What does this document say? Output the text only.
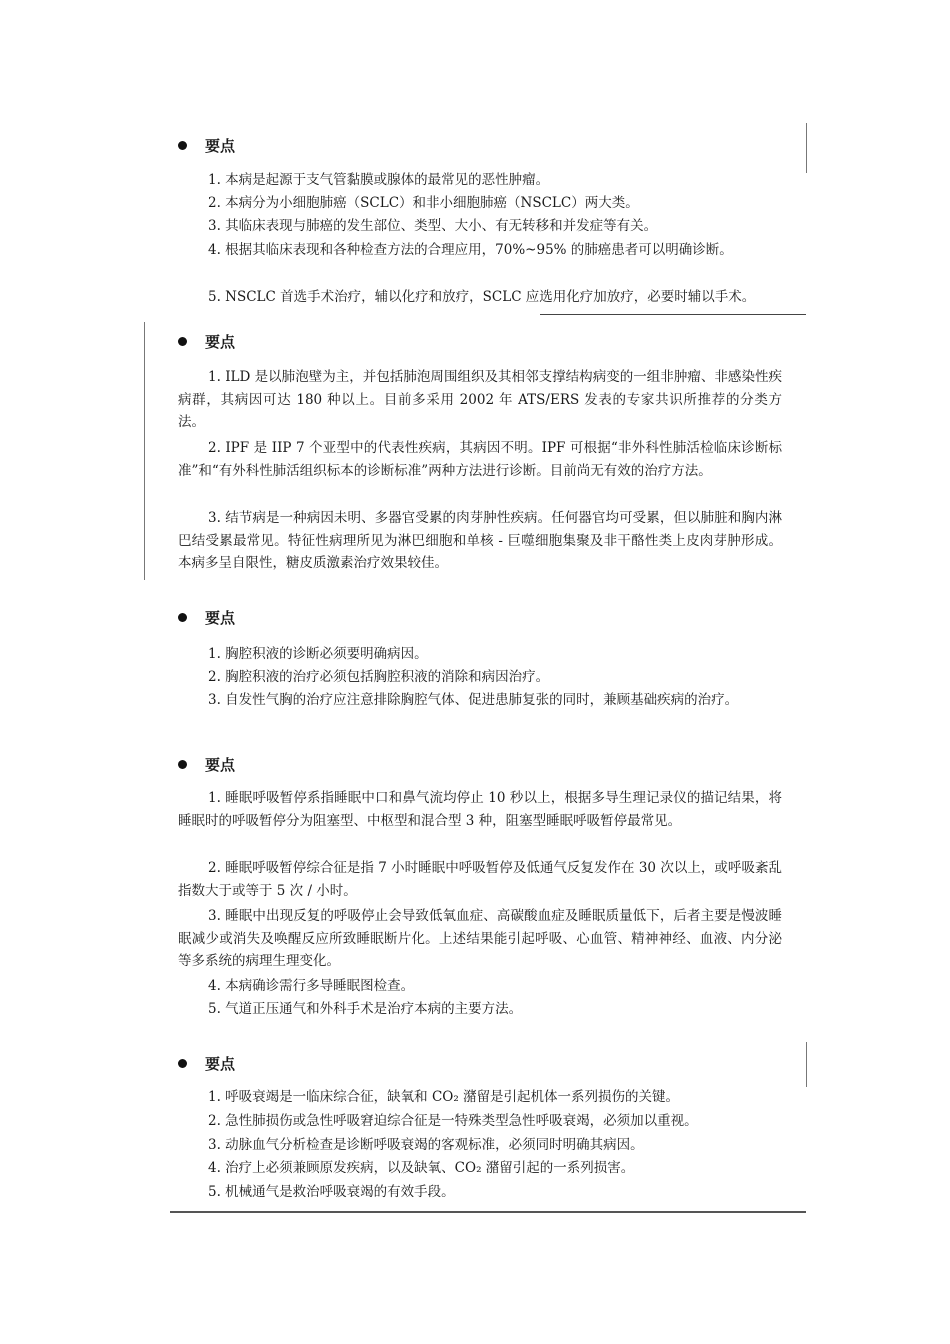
要点

1. 本病是起源于支气管黏膜或腺体的最常见的恶性肿瘤。

2. 本病分为小细胞肺癌（SCLC）和非小细胞肺癌（NSCLC）两大类。

3. 其临床表现与肺癌的发生部位、类型、大小、有无转移和并发症等有关。

4. 根据其临床表现和各种检查方法的合理应用，70%~95% 的肺癌患者可以明确诊断。

5. NSCLC 首选手术治疗，辅以化疗和放疗，SCLC 应选用化疗加放疗，必要时辅以手术。

要点

1. ILD 是以肺泡壁为主，并包括肺泡周围组织及其相邻支撑结构病变的一组非肿瘤、非感染性疾病群，其病因可达 180 种以上。目前多采用 2002 年 ATS/ERS 发表的专家共识所推荐的分类方法。

2. IPF 是 IIP 7 个亚型中的代表性疾病，其病因不明。IPF 可根据“非外科性肺活检临床诊断标准”和“有外科性肺活组织标本的诊断标准”两种方法进行诊断。目前尚无有效的治疗方法。

3. 结节病是一种病因未明、多器官受累的肉芽肿性疾病。任何器官均可受累，但以肺脏和胸内淋巴结受累最常见。特征性病理所见为淋巴细胞和单核 - 巨噬细胞集聚及非干酪性类上皮肉芽肿形成。本病多呈自限性，糖皮质激素治疗效果较佳。

要点

1. 胸腔积液的诊断必须要明确病因。

2. 胸腔积液的治疗必须包括胸腔积液的消除和病因治疗。

3. 自发性气胸的治疗应注意排除胸腔气体、促进患肺复张的同时，兼顾基础疾病的治疗。

要点

1. 睡眠呼吸暂停系指睡眠中口和鼻气流均停止 10 秒以上，根据多导生理记录仪的描记结果，将睡眠时的呼吸暂停分为阻塞型、中枢型和混合型 3 种，阻塞型睡眠呼吸暂停最常见。

2. 睡眠呼吸暂停综合征是指 7 小时睡眠中呼吸暂停及低通气反复发作在 30 次以上，或呼吸紊乱指数大于或等于 5 次 / 小时。

3. 睡眠中出现反复的呼吸停止会导致低氧血症、高碳酸血症及睡眠质量低下，后者主要是慢波睡眠减少或消失及唤醒反应所致睡眠断片化。上述结果能引起呼吸、心血管、精神神经、血液、内分泌等多系统的病理生理变化。

4. 本病确诊需行多导睡眠图检查。

5. 气道正压通气和外科手术是治疗本病的主要方法。

要点

1. 呼吸衰竭是一临床综合征，缺氧和 CO₂ 潴留是引起机体一系列损伤的关键。

2. 急性肺损伤或急性呼吸窘迫综合征是一特殊类型急性呼吸衰竭，必须加以重视。

3. 动脉血气分析检查是诊断呼吸衰竭的客观标准，必须同时明确其病因。

4. 治疗上必须兼顾原发疾病，以及缺氧、CO₂ 潴留引起的一系列损害。

5. 机械通气是救治呼吸衰竭的有效手段。
